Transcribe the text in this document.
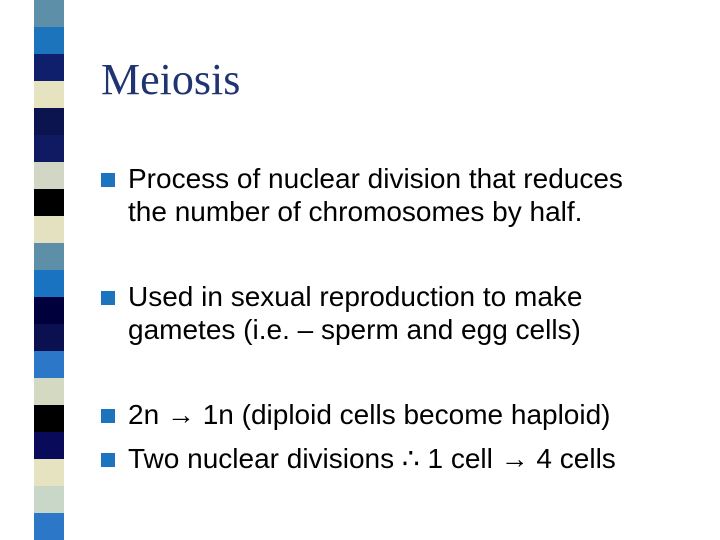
Meiosis
Process of nuclear division that reduces
the number of chromosomes by half.
Used in sexual reproduction to make
gametes (i.e. – sperm and egg cells)
2n → 1n (diploid cells become haploid)
Two nuclear divisions ∴ 1 cell → 4 cells
